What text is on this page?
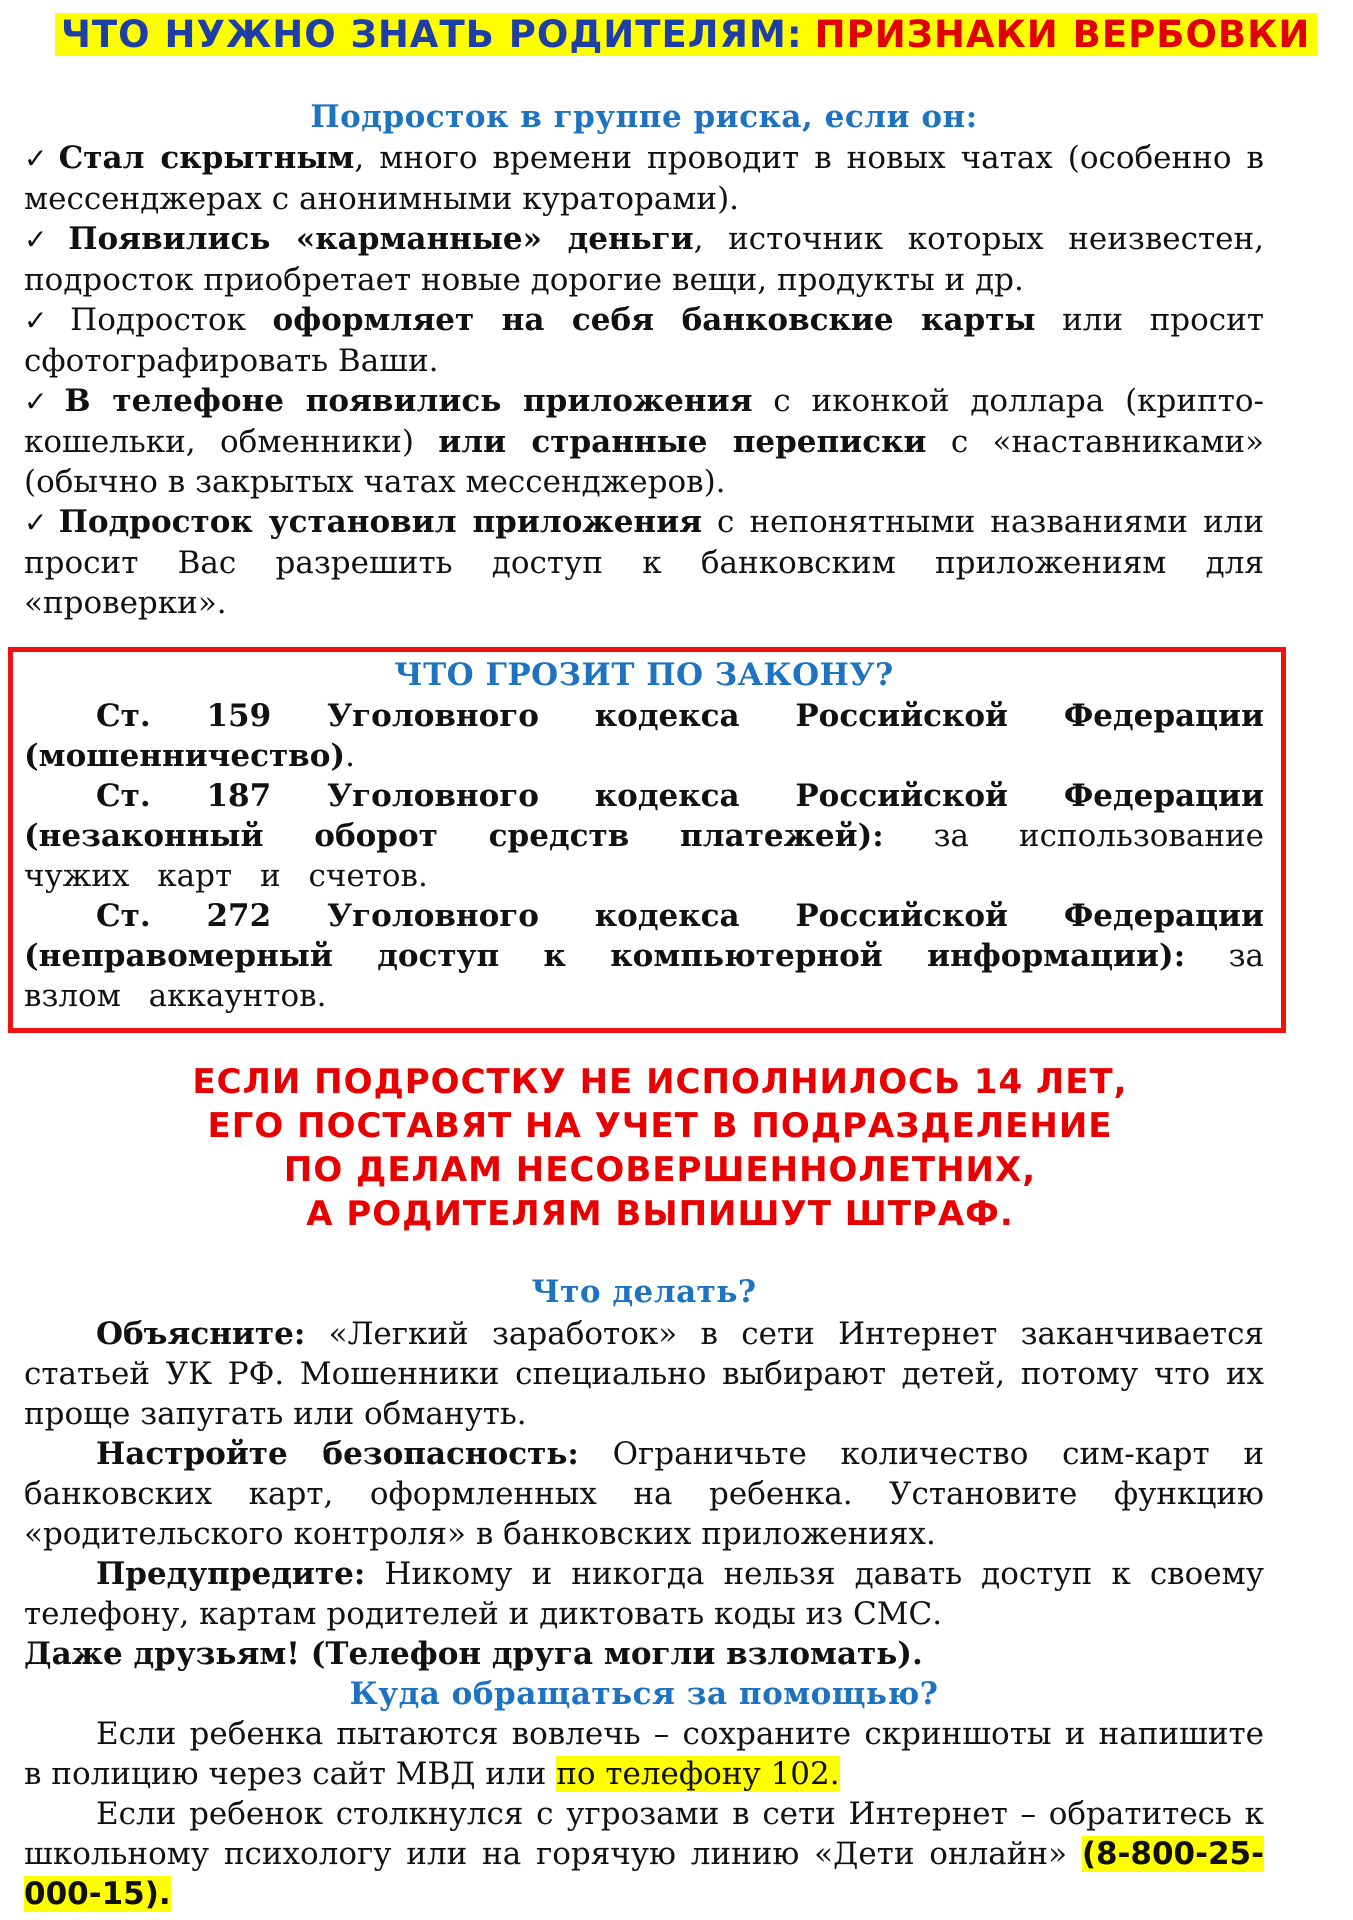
ЧТО НУЖНО ЗНАТЬ РОДИТЕЛЯМ: ПРИЗНАКИ ВЕРБОВКИ
Подросток в группе риска, если он:
✓ Стал скрытным, много времени проводит в новых чатах (особенно в мессенджерах с анонимными кураторами).
✓ Появились «карманные» деньги, источник которых неизвестен, подросток приобретает новые дорогие вещи, продукты и др.
✓ Подросток оформляет на себя банковские карты или просит сфотографировать Ваши.
✓ В телефоне появились приложения с иконкой доллара (крипто-кошельки, обменники) или странные переписки с «наставниками» (обычно в закрытых чатах мессенджеров).
✓ Подросток установил приложения с непонятными названиями или просит Вас разрешить доступ к банковским приложениям для «проверки».
ЧТО ГРОЗИТ ПО ЗАКОНУ?
Ст. 159 Уголовного кодекса Российской Федерации (мошенничество).
Ст. 187 Уголовного кодекса Российской Федерации (незаконный оборот средств платежей): за использование чужих карт и счетов.
Ст. 272 Уголовного кодекса Российской Федерации (неправомерный доступ к компьютерной информации): за взлом аккаунтов.
ЕСЛИ ПОДРОСТКУ НЕ ИСПОЛНИЛОСЬ 14 ЛЕТ,
ЕГО ПОСТАВЯТ НА УЧЕТ В ПОДРАЗДЕЛЕНИЕ
ПО ДЕЛАМ НЕСОВЕРШЕННОЛЕТНИХ,
А РОДИТЕЛЯМ ВЫПИШУТ ШТРАФ.
Что делать?
Объясните: «Легкий заработок» в сети Интернет заканчивается статьей УК РФ. Мошенники специально выбирают детей, потому что их проще запугать или обмануть.
Настройте безопасность: Ограничьте количество сим-карт и банковских карт, оформленных на ребенка. Установите функцию «родительского контроля» в банковских приложениях.
Предупредите: Никому и никогда нельзя давать доступ к своему телефону, картам родителей и диктовать коды из СМС.
Даже друзьям! (Телефон друга могли взломать).
Куда обращаться за помощью?
Если ребенка пытаются вовлечь – сохраните скриншоты и напишите в полицию через сайт МВД или по телефону 102.
Если ребенок столкнулся с угрозами в сети Интернет – обратитесь к школьному психологу или на горячую линию «Дети онлайн» (8-800-25-000-15).
